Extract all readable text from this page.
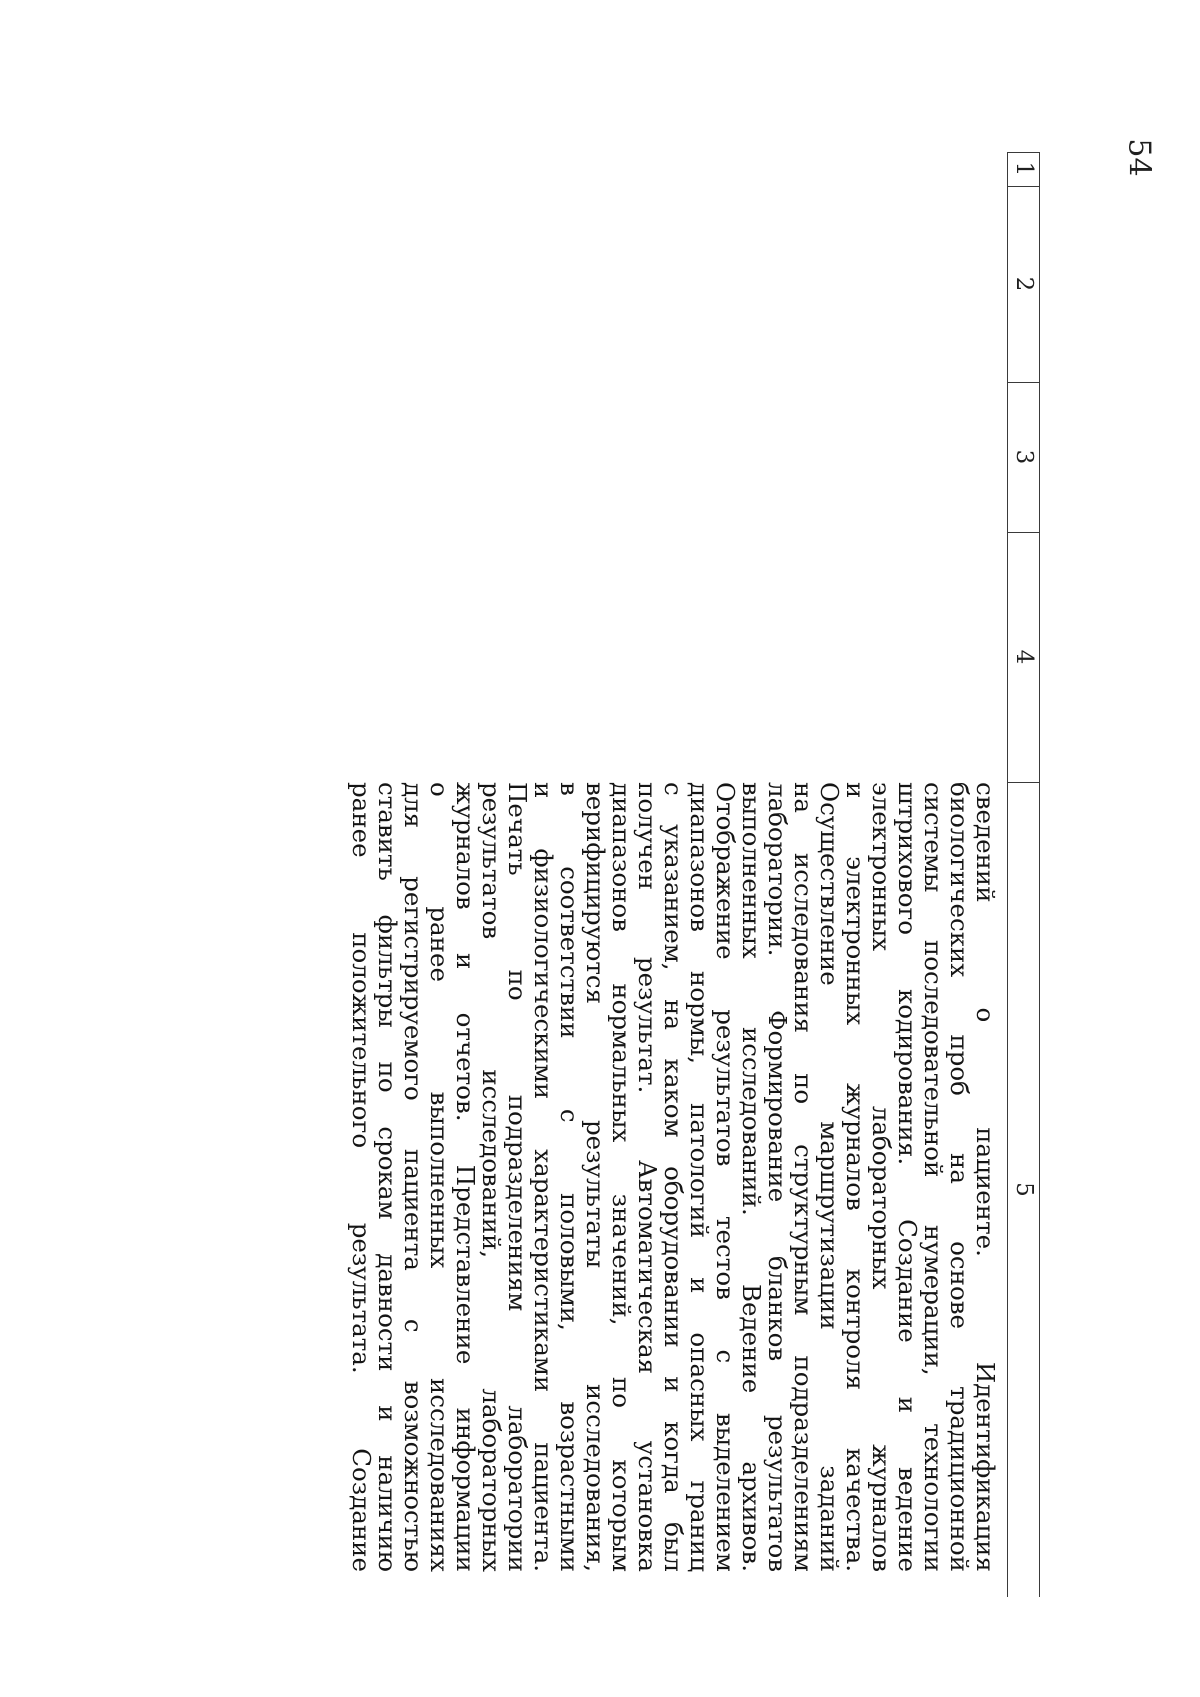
54
1
2
3
4
5
сведений о пациенте. Идентификация
биологических проб на основе традиционной
системы последовательной нумерации, технологии
штрихового кодирования. Создание и ведение
электронных лабораторных журналов
и электронных журналов контроля качества.
Осуществление маршрутизации заданий
на исследования по структурным подразделениям
лаборатории. Формирование бланков результатов
выполненных исследований. Ведение архивов.
Отображение результатов тестов с выделением
диапазонов нормы, патологий и опасных границ
с указанием, на каком оборудовании и когда был
получен результат. Автоматическая установка
диапазонов нормальных значений, по которым
верифицируются результаты исследования,
в соответствии с половыми, возрастными
и физиологическими характеристиками пациента.
Печать по подразделениям лаборатории
результатов исследований, лабораторных
журналов и отчетов. Представление информации
о ранее выполненных исследованиях
для регистрируемого пациента с возможностью
ставить фильтры по срокам давности и наличию
ранее положительного результата. Создание
